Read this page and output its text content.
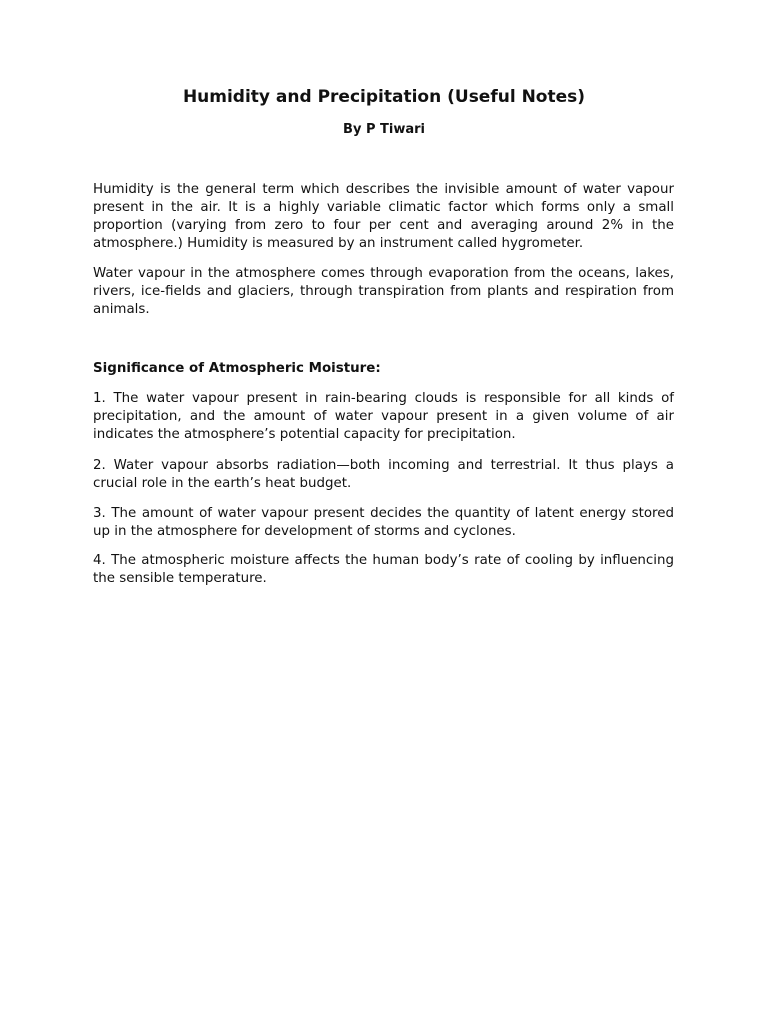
Humidity and Precipitation (Useful Notes)

By P Tiwari

Humidity is the general term which describes the invisible amount of water vapour present in the air. It is a highly variable climatic factor which forms only a small proportion (varying from zero to four per cent and averaging around 2% in the atmosphere.) Humidity is measured by an instrument called hygrometer.

Water vapour in the atmosphere comes through evaporation from the oceans, lakes, rivers, ice-fields and glaciers, through transpiration from plants and respiration from animals.

Significance of Atmospheric Moisture:

1. The water vapour present in rain-bearing clouds is responsible for all kinds of precipitation, and the amount of water vapour present in a given volume of air indicates the atmosphere’s potential capacity for precipitation.

2. Water vapour absorbs radiation—both incoming and terrestrial. It thus plays a crucial role in the earth’s heat budget.

3. The amount of water vapour present decides the quantity of latent energy stored up in the atmosphere for development of storms and cyclones.

4. The atmospheric moisture affects the human body’s rate of cooling by influencing the sensible temperature.
